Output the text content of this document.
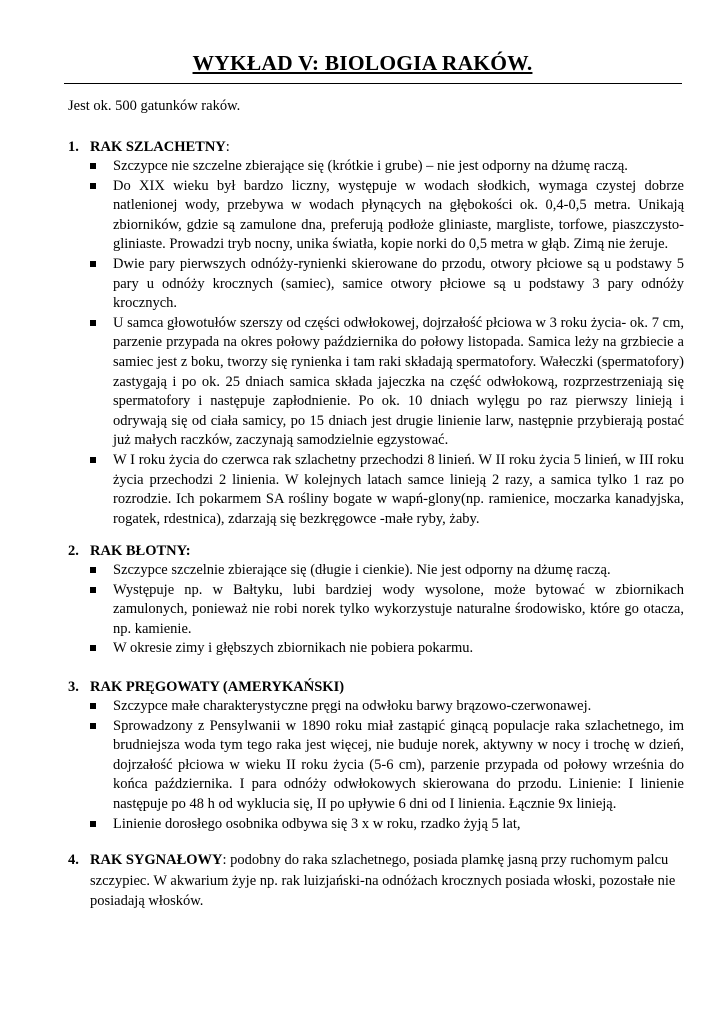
WYKŁAD V: BIOLOGIA RAKÓW.

Jest ok. 500 gatunków raków.

1. RAK SZLACHETNY:
Szczypce nie szczelne zbierające się (krótkie i grube) – nie jest odporny na dżumę raczą.
Do XIX wieku był bardzo liczny, występuje w wodach słodkich, wymaga czystej dobrze natlenionej wody, przebywa w wodach płynących na głębokości ok. 0,4-0,5 metra. Unikają zbiorników, gdzie są zamulone dna, preferują podłoże gliniaste, margliste, torfowe, piaszczysto-gliniaste. Prowadzi tryb nocny, unika światła, kopie norki do 0,5 metra w głąb. Zimą nie żeruje.
Dwie pary pierwszych odnóży-rynienki skierowane do przodu, otwory płciowe są u podstawy 5 pary u odnóży krocznych (samiec), samice otwory płciowe są u podstawy 3 pary odnóży krocznych.
U samca głowotułów szerszy od części odwłokowej, dojrzałość płciowa w 3 roku życia- ok. 7 cm, parzenie przypada na okres połowy października do połowy listopada. Samica leży na grzbiecie a samiec jest z boku, tworzy się rynienka i tam raki składają spermatofory. Wałeczki (spermatofory) zastygają i po ok. 25 dniach samica składa jajeczka na część odwłokową, rozprzestrzeniają się spermatofory i następuje zapłodnienie. Po ok. 10 dniach wylęgu po raz pierwszy linieją i odrywają się od ciała samicy, po 15 dniach jest drugie linienie larw, następnie przybierają postać już małych raczków, zaczynają samodzielnie egzystować.
W I roku życia do czerwca rak szlachetny przechodzi 8 linień. W II roku życia 5 linień, w III roku życia przechodzi 2 linienia. W kolejnych latach samce linieją 2 razy, a samica tylko 1 raz po rozrodzie. Ich pokarmem SA rośliny bogate w wapń-glony(np. ramienice, moczarka kanadyjska, rogatek, rdestnica), zdarzają się bezkręgowce -małe ryby, żaby.
2. RAK BŁOTNY:
Szczypce szczelnie zbierające się (długie i cienkie). Nie jest odporny na dżumę raczą.
Występuje np. w Bałtyku, lubi bardziej wody wysolone, może bytować w zbiornikach zamulonych, ponieważ nie robi norek tylko wykorzystuje naturalne środowisko, które go otacza, np. kamienie.
W okresie zimy i głębszych zbiornikach nie pobiera pokarmu.
3. RAK PRĘGOWATY (AMERYKAŃSKI)
Szczypce małe charakterystyczne pręgi na odwłoku barwy brązowo-czerwonawej.
Sprowadzony z Pensylwanii w 1890 roku miał zastąpić ginącą populacje raka szlachetnego, im brudniejsza woda tym tego raka jest więcej, nie buduje norek, aktywny w nocy i trochę w dzień, dojrzałość płciowa w wieku II roku życia (5-6 cm), parzenie przypada od połowy września do końca października. I para odnóży odwłokowych skierowana do przodu. Linienie: I linienie następuje po 48 h od wyklucia się, II po upływie 6 dni od I linienia. Łącznie 9x linieją.
Linienie dorosłego osobnika odbywa się 3 x w roku, rzadko żyją 5 lat,
4. RAK SYGNAŁOWY: podobny do raka szlachetnego, posiada plamkę jasną przy ruchomym palcu szczypiec. W akwarium żyje np. rak luizjański-na odnóżach krocznych posiada włoski, pozostałe nie posiadają włosków.
